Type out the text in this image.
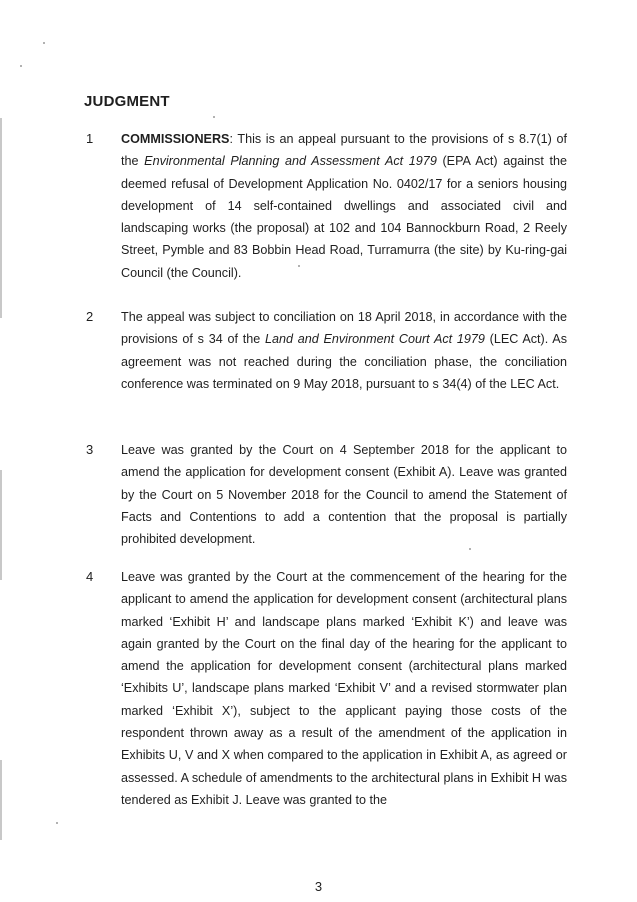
JUDGMENT
1 COMMISSIONERS: This is an appeal pursuant to the provisions of s 8.7(1) of the Environmental Planning and Assessment Act 1979 (EPA Act) against the deemed refusal of Development Application No. 0402/17 for a seniors housing development of 14 self-contained dwellings and associated civil and landscaping works (the proposal) at 102 and 104 Bannockburn Road, 2 Reely Street, Pymble and 83 Bobbin Head Road, Turramurra (the site) by Ku-ring-gai Council (the Council).

2 The appeal was subject to conciliation on 18 April 2018, in accordance with the provisions of s 34 of the Land and Environment Court Act 1979 (LEC Act). As agreement was not reached during the conciliation phase, the conciliation conference was terminated on 9 May 2018, pursuant to s 34(4) of the LEC Act.

3 Leave was granted by the Court on 4 September 2018 for the applicant to amend the application for development consent (Exhibit A). Leave was granted by the Court on 5 November 2018 for the Council to amend the Statement of Facts and Contentions to add a contention that the proposal is partially prohibited development.

4 Leave was granted by the Court at the commencement of the hearing for the applicant to amend the application for development consent (architectural plans marked ‘Exhibit H’ and landscape plans marked ‘Exhibit K’) and leave was again granted by the Court on the final day of the hearing for the applicant to amend the application for development consent (architectural plans marked ‘Exhibits U’, landscape plans marked ‘Exhibit V’ and a revised stormwater plan marked ‘Exhibit X’), subject to the applicant paying those costs of the respondent thrown away as a result of the amendment of the application in Exhibits U, V and X when compared to the application in Exhibit A, as agreed or assessed. A schedule of amendments to the architectural plans in Exhibit H was tendered as Exhibit J. Leave was granted to the

3
